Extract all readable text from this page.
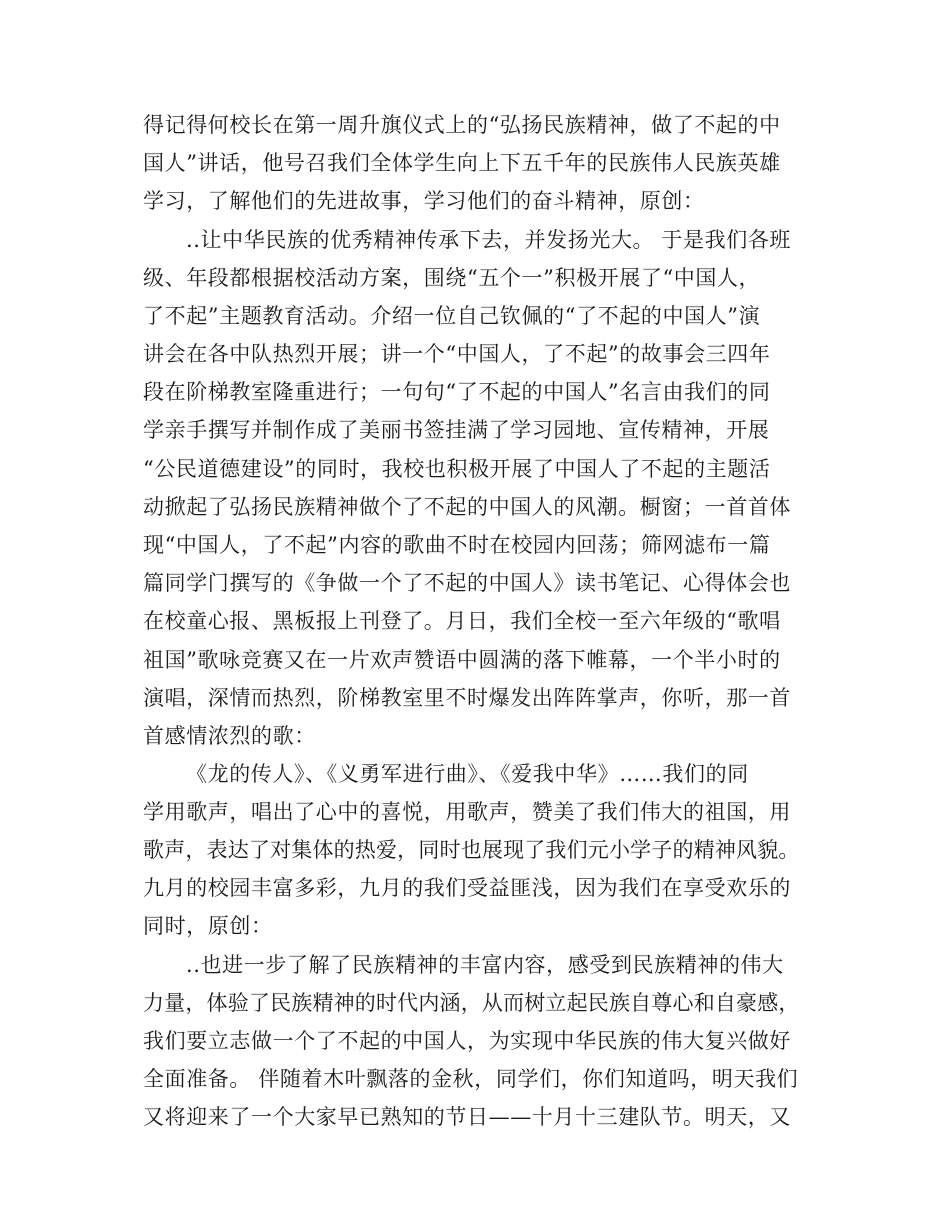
得记得何校长在第一周升旗仪式上的“弘扬民族精神，做了不起的中
国人”讲话，他号召我们全体学生向上下五千年的民族伟人民族英雄
学习，了解他们的先进故事，学习他们的奋斗精神，原创：
..让中华民族的优秀精神传承下去，并发扬光大。 于是我们各班
级、年段都根据校活动方案，围绕“五个一”积极开展了“中国人，
了不起”主题教育活动。介绍一位自己钦佩的“了不起的中国人”演
讲会在各中队热烈开展；讲一个“中国人，了不起”的故事会三四年
段在阶梯教室隆重进行；一句句“了不起的中国人”名言由我们的同
学亲手撰写并制作成了美丽书签挂满了学习园地、宣传精神，开展
“公民道德建设”的同时，我校也积极开展了中国人了不起的主题活
动掀起了弘扬民族精神做个了不起的中国人的风潮。橱窗；一首首体
现“中国人，了不起”内容的歌曲不时在校园内回荡；筛网滤布一篇
篇同学门撰写的《争做一个了不起的中国人》读书笔记、心得体会也
在校童心报、黑板报上刊登了。月日，我们全校一至六年级的“歌唱
祖国”歌咏竞赛又在一片欢声赞语中圆满的落下帷幕，一个半小时的
演唱，深情而热烈，阶梯教室里不时爆发出阵阵掌声，你听，那一首
首感情浓烈的歌：
《龙的传人》、《义勇军进行曲》、《爱我中华》……我们的同
学用歌声，唱出了心中的喜悦，用歌声，赞美了我们伟大的祖国，用
歌声，表达了对集体的热爱，同时也展现了我们元小学子的精神风貌。
九月的校园丰富多彩，九月的我们受益匪浅，因为我们在享受欢乐的
同时，原创：
..也进一步了解了民族精神的丰富内容，感受到民族精神的伟大
力量，体验了民族精神的时代内涵，从而树立起民族自尊心和自豪感，
我们要立志做一个了不起的中国人，为实现中华民族的伟大复兴做好
全面准备。 伴随着木叶飘落的金秋，同学们，你们知道吗，明天我们
又将迎来了一个大家早已熟知的节日——十月十三建队节。明天，又
